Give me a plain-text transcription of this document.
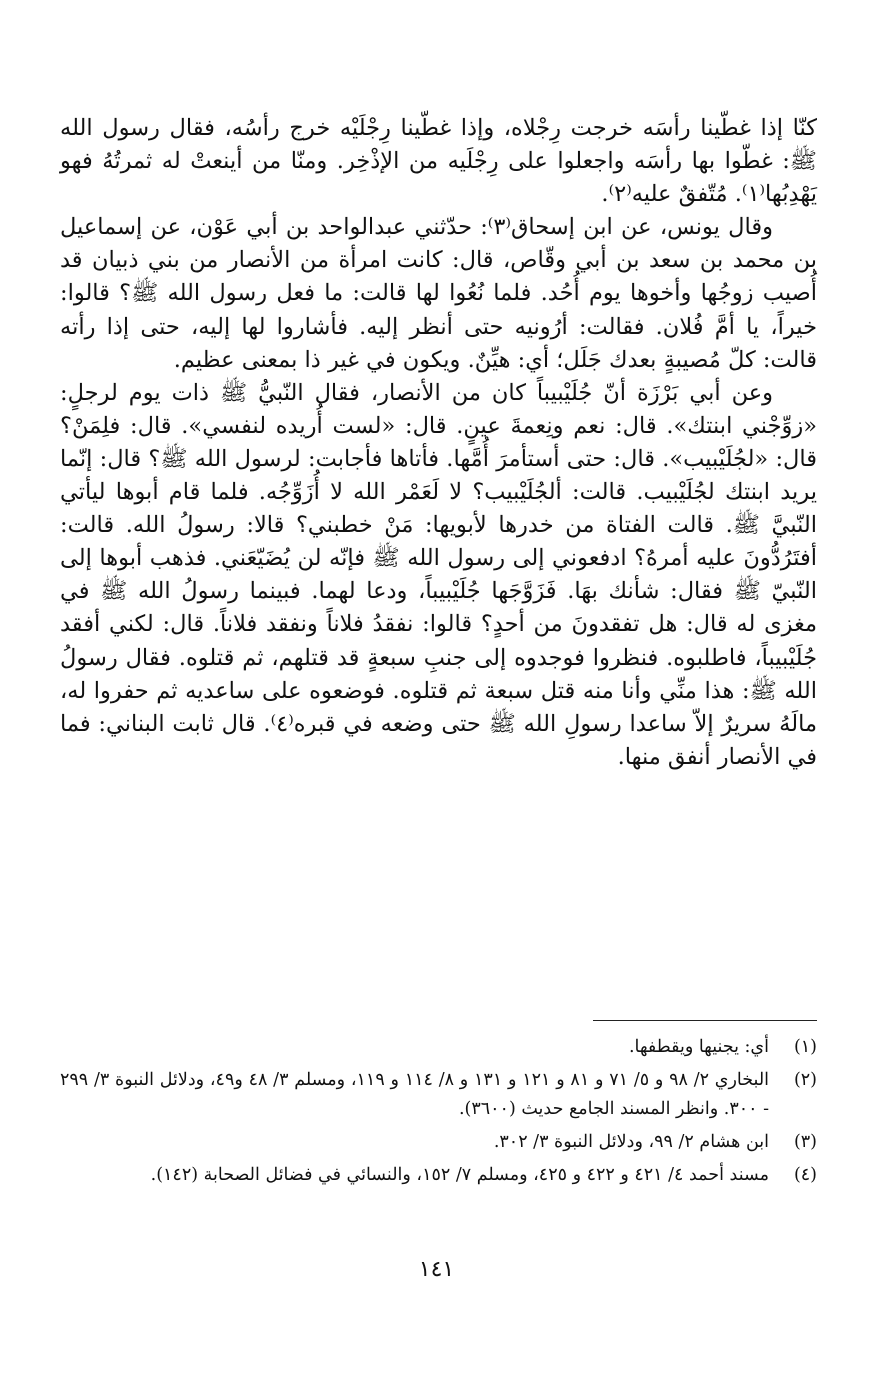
كنّا إذا غطّينا رأسَه خرجت رِجْلاه، وإذا غطّينا رِجْلَيْه خرج رأسُه، فقال رسول الله ﷺ: غطّوا بها رأسَه واجعلوا على رِجْلَيه من الإذْخِر. ومنّا من أينعتْ له ثمرتُهُ فهو يَهْدِبُها⁽١⁾. مُتّفقٌ عليه⁽٢⁾.

وقال يونس، عن ابن إسحاق⁽٣⁾: حدّثني عبدالواحد بن أبي عَوْن، عن إسماعيل بن محمد بن سعد بن أبي وقّاص، قال: كانت امرأة من الأنصار من بني ذبيان قد أُصيب زوجُها وأخوها يوم أُحُد. فلما نُعُوا لها قالت: ما فعل رسول الله ﷺ؟ قالوا: خيراً، يا أمَّ فُلان. فقالت: أرُونيه حتى أنظر إليه. فأشاروا لها إليه، حتى إذا رأته قالت: كلّ مُصيبةٍ بعدك جَلَل؛ أي: هيِّنٌ. ويكون في غير ذا بمعنى عظيم.

وعن أبي بَرْزَة أنّ جُلَيْبيباً كان من الأنصار، فقال النّبيُّ ﷺ ذات يوم لرجلٍ: «زوِّجْني ابنتك». قال: نعم ونِعمةَ عينٍ. قال: «لست أُريده لنفسي». قال: فلِمَنْ؟ قال: «لجُلَيْبيب». قال: حتى أستأمرَ أُمَّها. فأتاها فأجابت: لرسول الله ﷺ؟ قال: إنّما يريد ابنتك لجُلَيْبيب. قالت: ألجُلَيْبيب؟ لا لَعَمْر الله لا أُزَوِّجُه. فلما قام أبوها ليأتي النّبيَّ ﷺ. قالت الفتاة من خدرها لأبويها: مَنْ خطبني؟ قالا: رسولُ الله. قالت: أفتَرُدُّونَ عليه أمرهُ؟ ادفعوني إلى رسول الله ﷺ فإنّه لن يُضَيّعَني. فذهب أبوها إلى النّبيّ ﷺ فقال: شأنك بهَا. فَزَوَّجَها جُلَيْبيباً، ودعا لهما. فبينما رسولُ الله ﷺ في مغزى له قال: هل تفقدونَ من أحدٍ؟ قالوا: نفقدُ فلاناً ونفقد فلاناً. قال: لكني أفقد جُلَيْبيباً، فاطلبوه. فنظروا فوجدوه إلى جنبِ سبعةٍ قد قتلهم، ثم قتلوه. فقال رسولُ الله ﷺ: هذا منِّي وأنا منه قتل سبعة ثم قتلوه. فوضعوه على ساعديه ثم حفروا له، مالَهُ سريرٌ إلاّ ساعدا رسولِ الله ﷺ حتى وضعه في قبره⁽٤⁾. قال ثابت البناني: فما في الأنصار أنفق منها.

(١)
أي: يجنيها ويقطفها.
(٢)
البخاري ٢/ ٩٨ و ٥/ ٧١ و ٨١ و ١٢١ و ١٣١ و ٨/ ١١٤ و ١١٩، ومسلم ٣/ ٤٨ و٤٩، ودلائل النبوة ٣/ ٢٩٩ - ٣٠٠. وانظر المسند الجامع حديث (٣٦٠٠).
(٣)
ابن هشام ٢/ ٩٩، ودلائل النبوة ٣/ ٣٠٢.
(٤)
مسند أحمد ٤/ ٤٢١ و ٤٢٢ و ٤٢٥، ومسلم ٧/ ١٥٢، والنسائي في فضائل الصحابة (١٤٢).
١٤١
